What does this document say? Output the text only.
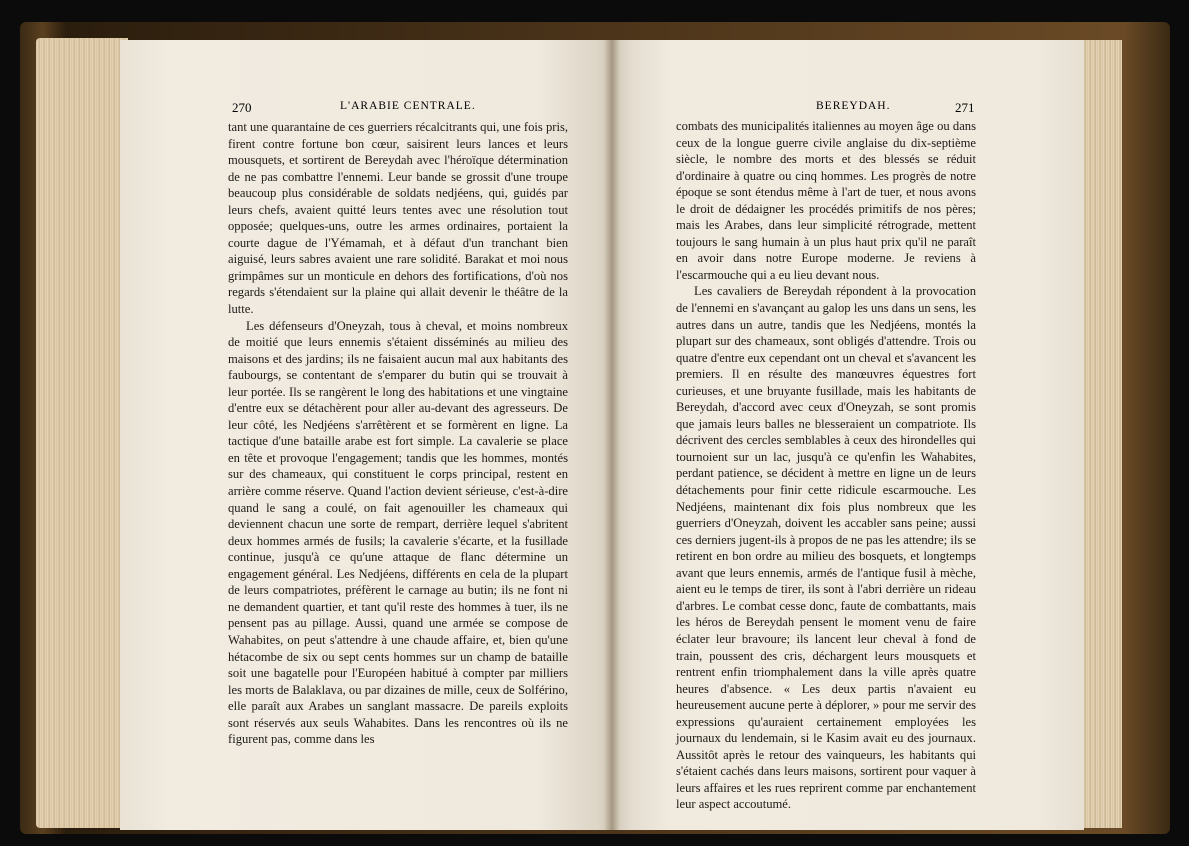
270	L'ARABIE CENTRALE.

tant une quarantaine de ces guerriers récalcitrants qui, une fois pris, firent contre fortune bon cœur, saisirent leurs lances et leurs mousquets, et sortirent de Bereydah avec l'héroïque détermination de ne pas combattre l'ennemi. Leur bande se grossit d'une troupe beaucoup plus considérable de soldats nedjéens, qui, guidés par leurs chefs, avaient quitté leurs tentes avec une résolution tout opposée; quelques-uns, outre les armes ordinaires, portaient la courte dague de l'Yémamah, et à défaut d'un tranchant bien aiguisé, leurs sabres avaient une rare solidité. Barakat et moi nous grimpâmes sur un monticule en dehors des fortifications, d'où nos regards s'étendaient sur la plaine qui allait devenir le théâtre de la lutte.

Les défenseurs d'Oneyzah, tous à cheval, et moins nombreux de moitié que leurs ennemis s'étaient disséminés au milieu des maisons et des jardins; ils ne faisaient aucun mal aux habitants des faubourgs, se contentant de s'emparer du butin qui se trouvait à leur portée. Ils se rangèrent le long des habitations et une vingtaine d'entre eux se détachèrent pour aller au-devant des agresseurs. De leur côté, les Nedjéens s'arrêtèrent et se formèrent en ligne. La tactique d'une bataille arabe est fort simple. La cavalerie se place en tête et provoque l'engagement; tandis que les hommes, montés sur des chameaux, qui constituent le corps principal, restent en arrière comme réserve. Quand l'action devient sérieuse, c'est-à-dire quand le sang a coulé, on fait agenouiller les chameaux qui deviennent chacun une sorte de rempart, derrière lequel s'abritent deux hommes armés de fusils; la cavalerie s'écarte, et la fusillade continue, jusqu'à ce qu'une attaque de flanc détermine un engagement général. Les Nedjéens, différents en cela de la plupart de leurs compatriotes, préfèrent le carnage au butin; ils ne font ni ne demandent quartier, et tant qu'il reste des hommes à tuer, ils ne pensent pas au pillage. Aussi, quand une armée se compose de Wahabites, on peut s'attendre à une chaude affaire, et, bien qu'une hétacombe de six ou sept cents hommes sur un champ de bataille soit une bagatelle pour l'Européen habitué à compter par milliers les morts de Balaklava, ou par dizaines de mille, ceux de Solférino, elle paraît aux Arabes un sanglant massacre. De pareils exploits sont réservés aux seuls Wahabites. Dans les rencontres où ils ne figurent pas, comme dans les

BEREYDAH.	271

combats des municipalités italiennes au moyen âge ou dans ceux de la longue guerre civile anglaise du dix-septième siècle, le nombre des morts et des blessés se réduit d'ordinaire à quatre ou cinq hommes. Les progrès de notre époque se sont étendus même à l'art de tuer, et nous avons le droit de dédaigner les procédés primitifs de nos pères; mais les Arabes, dans leur simplicité rétrograde, mettent toujours le sang humain à un plus haut prix qu'il ne paraît en avoir dans notre Europe moderne. Je reviens à l'escarmouche qui a eu lieu devant nous.

Les cavaliers de Bereydah répondent à la provocation de l'ennemi en s'avançant au galop les uns dans un sens, les autres dans un autre, tandis que les Nedjéens, montés la plupart sur des chameaux, sont obligés d'attendre. Trois ou quatre d'entre eux cependant ont un cheval et s'avancent les premiers. Il en résulte des manœuvres équestres fort curieuses, et une bruyante fusillade, mais les habitants de Bereydah, d'accord avec ceux d'Oneyzah, se sont promis que jamais leurs balles ne blesseraient un compatriote. Ils décrivent des cercles semblables à ceux des hirondelles qui tournoient sur un lac, jusqu'à ce qu'enfin les Wahabites, perdant patience, se décident à mettre en ligne un de leurs détachements pour finir cette ridicule escarmouche. Les Nedjéens, maintenant dix fois plus nombreux que les guerriers d'Oneyzah, doivent les accabler sans peine; aussi ces derniers jugent-ils à propos de ne pas les attendre; ils se retirent en bon ordre au milieu des bosquets, et longtemps avant que leurs ennemis, armés de l'antique fusil à mèche, aient eu le temps de tirer, ils sont à l'abri derrière un rideau d'arbres. Le combat cesse donc, faute de combattants, mais les héros de Bereydah pensent le moment venu de faire éclater leur bravoure; ils lancent leur cheval à fond de train, poussent des cris, déchargent leurs mousquets et rentrent enfin triomphalement dans la ville après quatre heures d'absence. « Les deux partis n'avaient eu heureusement aucune perte à déplorer, » pour me servir des expressions qu'auraient certainement employées les journaux du lendemain, si le Kasim avait eu des journaux. Aussitôt après le retour des vainqueurs, les habitants qui s'étaient cachés dans leurs maisons, sortirent pour vaquer à leurs affaires et les rues reprirent comme par enchantement leur aspect accoutumé.
